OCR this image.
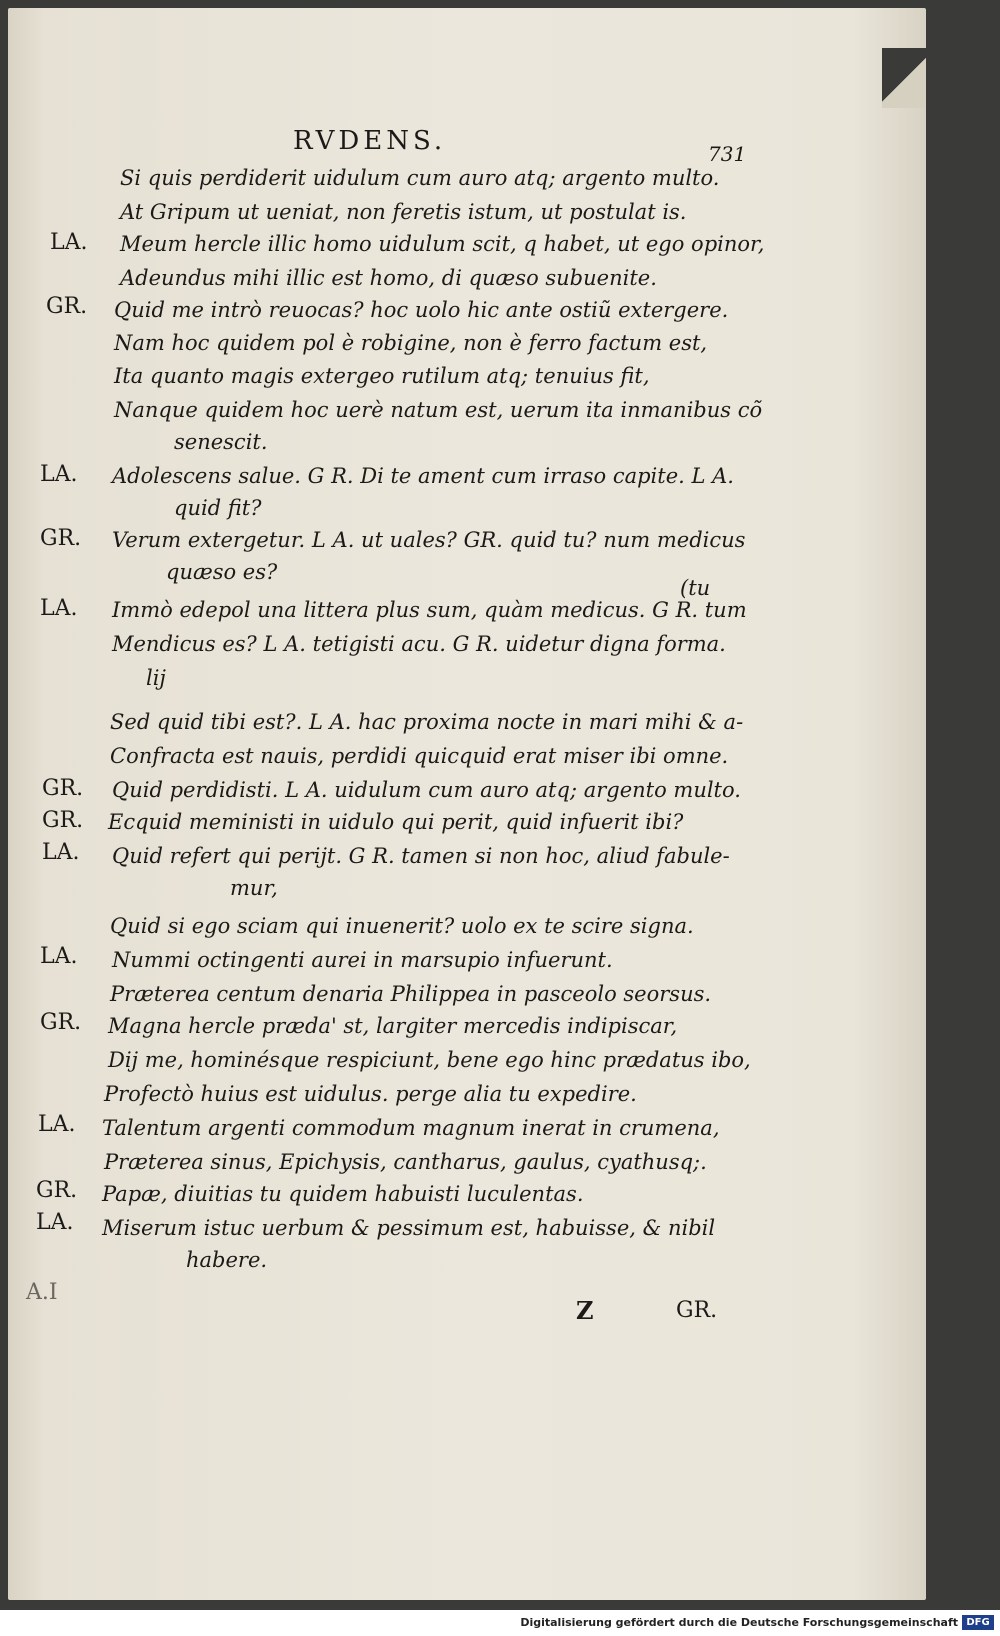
RVDENS.	731
Si quis perdiderit uidulum cum auro atq; argento multo.
At Gripum ut ueniat, non feretis istum, ut postulat is.
LA. Meum hercle illic homo uidulum scit, q habet, ut ego opinor,
Adeundus mihi illic est homo, di quæso subuenite.
GR. Quid me intrò reuocas? hoc uolo hic ante ostiũ extergere.
Nam hoc quidem pol è robigine, non è ferro factum est,
Ita quanto magis extergeo rutilum atq; tenuius fit,
Nanque quidem hoc uerè natum est, uerum ita inmanibus cõ
senescit.
LA. Adolescens salue. G R. Di te ament cum irraso capite. L A.
quid fit?
GR. Verum extergetur. L A. ut uales? GR. quid tu? num medicus
quæso es?
(tu
LA. Immò edepol una littera plus sum, quàm medicus. G R. tum
Mendicus es? L A. tetigisti acu. G R. uidetur digna forma.
lij
Sed quid tibi est?. L A. hac proxima nocte in mari mihi & a-
Confracta est nauis, perdidi quicquid erat miser ibi omne.
GR. Quid perdidisti. L A. uidulum cum auro atq; argento multo.
GR. Ecquid meministi in uidulo qui perit, quid infuerit ibi?
LA. Quid refert qui perijt. G R. tamen si non hoc, aliud fabule-
mur,
Quid si ego sciam qui inuenerit? uolo ex te scire signa.
LA. Nummi octingenti aurei in marsupio infuerunt.
Præterea centum denaria Philippea in pasceolo seorsus.
GR. Magna hercle præda' st, largiter mercedis indipiscar,
Dij me, hominésque respiciunt, bene ego hinc prædatus ibo,
Profectò huius est uidulus. perge alia tu expedire.
LA. Talentum argenti commodum magnum inerat in crumena,
Præterea sinus, Epichysis, cantharus, gaulus, cyathusq;.
GR. Papæ, diuitias tu quidem habuisti luculentas.
LA. Miserum istuc uerbum & pessimum est, habuisse, & nibil
habere.
A.I
Z	GR.
Digitalisierung gefördert durch die Deutsche Forschungsgemeinschaft DFG
